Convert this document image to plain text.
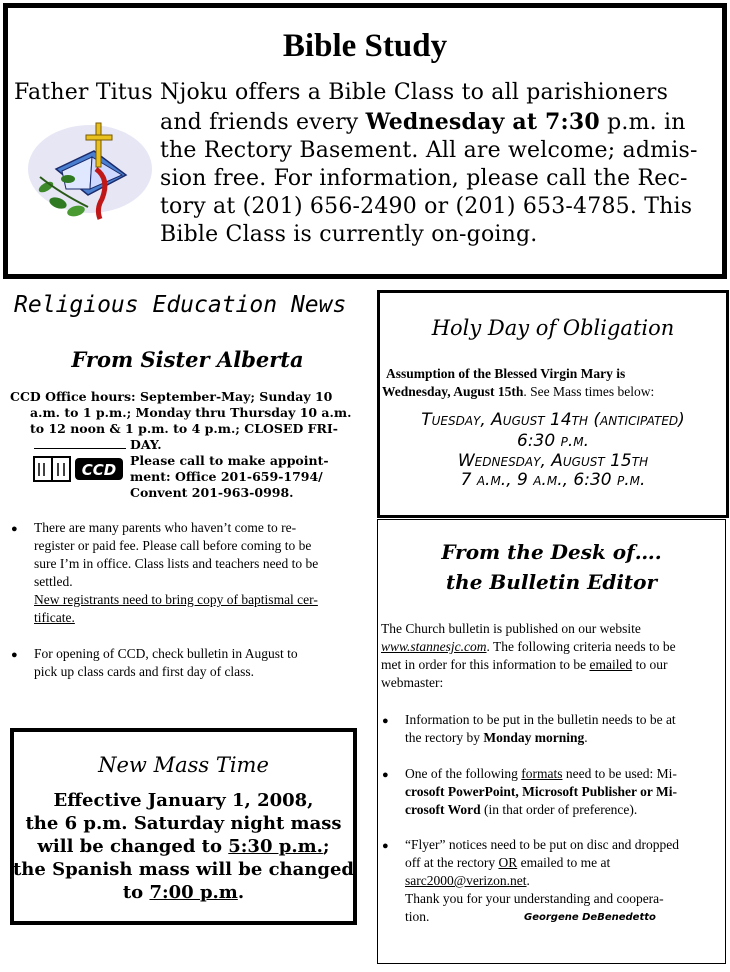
Bible Study
Father Titus Njoku offers a Bible Class to all parishioners
and friends every Wednesday at 7:30 p.m. in
the Rectory Basement. All are welcome; admis-
sion free. For information, please call the Rec-
tory at (201) 656-2490 or (201) 653-4785. This
Bible Class is currently on-going.
Religious Education News
From Sister Alberta
CCD Office hours: September-May; Sunday 10
a.m. to 1 p.m.; Monday thru Thursday 10 a.m.
to 12 noon & 1 p.m. to 4 p.m.; CLOSED FRI-
DAY.
Please call to make appoint-
ment: Office 201-659-1794/
Convent 201-963-0998.
CCD
● There are many parents who haven’t come to re-
register or paid fee. Please call before coming to be
sure I’m in office. Class lists and teachers need to be
settled.
New registrants need to bring copy of baptismal cer-
tificate.
● For opening of CCD, check bulletin in August to
pick up class cards and first day of class.
Holy Day of Obligation
Assumption of the Blessed Virgin Mary is
Wednesday, August 15th. See Mass times below:
Tuesday, August 14th (anticipated)
6:30 p.m.
Wednesday, August 15th
7 a.m., 9 a.m., 6:30 p.m.
From the Desk of….
the Bulletin Editor
The Church bulletin is published on our website
www.stannesjc.com. The following criteria needs to be
met in order for this information to be emailed to our
webmaster:
● Information to be put in the bulletin needs to be at
the rectory by Monday morning.
● One of the following formats need to be used: Mi-
crosoft PowerPoint, Microsoft Publisher or Mi-
crosoft Word (in that order of preference).
● “Flyer” notices need to be put on disc and dropped
off at the rectory OR emailed to me at
sarc2000@verizon.net.
Thank you for your understanding and coopera-
tion.	Georgene DeBenedetto
New Mass Time
Effective January 1, 2008,
the 6 p.m. Saturday night mass
will be changed to 5:30 p.m.;
the Spanish mass will be changed
to 7:00 p.m.
